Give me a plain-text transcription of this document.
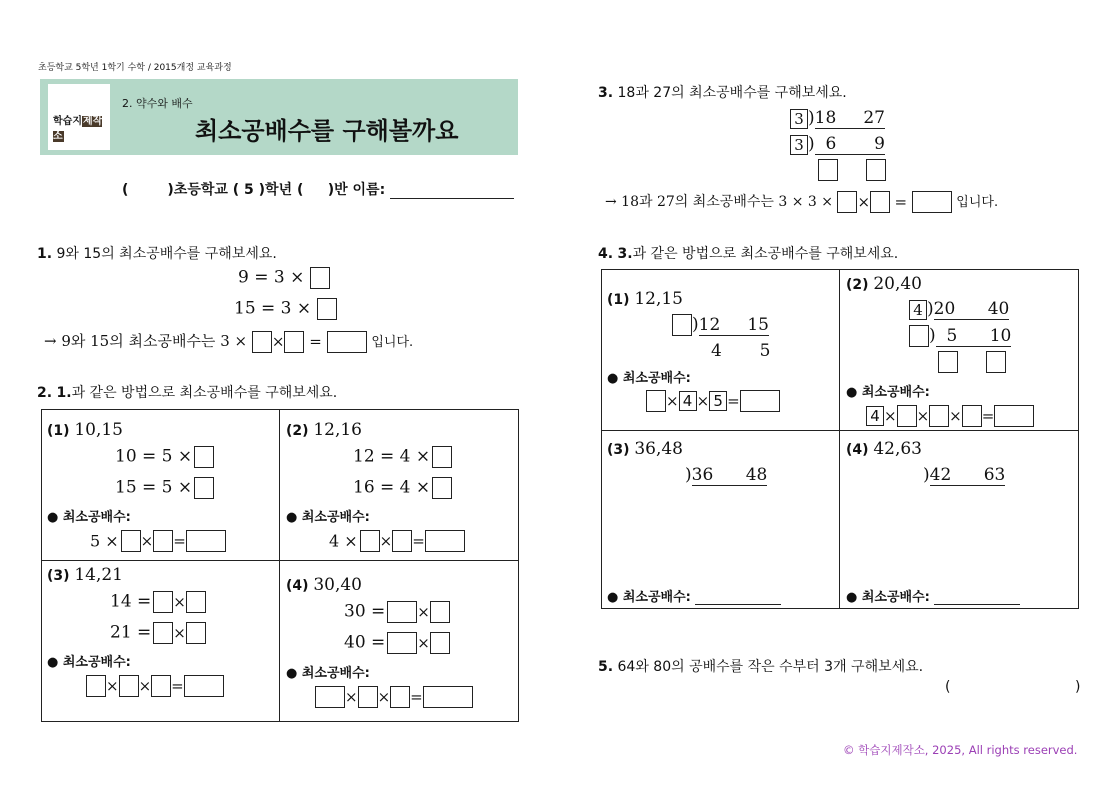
초등학교 5학년 1학기 수학 / 2015개정 교육과정
학습지제작소
2. 약수와 배수
최소공배수를 구해볼까요
(        )초등학교 ( 5 )학년 (     )반 이름:
1. 9와 15의 최소공배수를 구해보세요.
9 = 3 ×
15 = 3 ×
→ 9와 15의 최소공배수는 3 × × =	입니다.
2. 1.과 같은 방법으로 최소공배수를 구해보세요.
(1) 10,15
10 = 5 ×
15 = 5 ×
● 최소공배수:
5 × × =
(2) 12,16
12 = 4 ×
16 = 4 ×
● 최소공배수:
4 × × =
(3) 14,21
14 = ×
21 = ×
● 최소공배수:
× × =
(4) 30,40
30 = ×
40 = ×
● 최소공배수:
× × =
3. 18과 27의 최소공배수를 구해보세요.
3 )18 27
3 ) 6 9
→ 18과 27의 최소공배수는 3 × 3 × × =	입니다.
4. 3.과 같은 방법으로 최소공배수를 구해보세요.
(1) 12,15
)12 15
4 5
● 최소공배수:
× 4 × 5 =
(2) 20,40
4 )20 40
) 5 10
● 최소공배수:
4 × × × =
(3) 36,48
)36 48
● 최소공배수:
(4) 42,63
)42 63
● 최소공배수:
5. 64와 80의 공배수를 작은 수부터 3개 구해보세요.
(	)
© 학습지제작소, 2025, All rights reserved.
